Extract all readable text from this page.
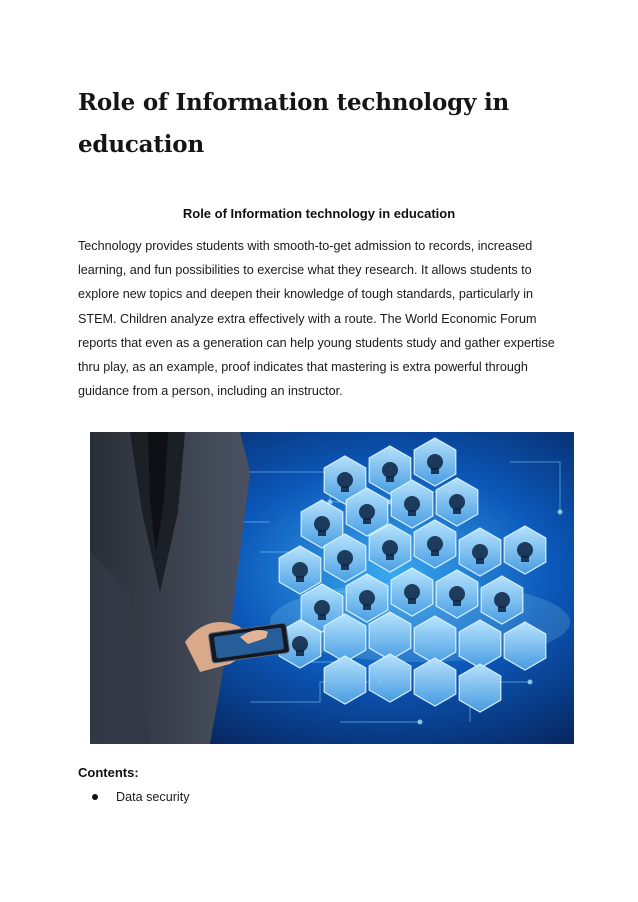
Role of Information technology in education

Role of Information technology in education

Technology provides students with smooth-to-get admission to records, increased learning, and fun possibilities to exercise what they research. It allows students to explore new topics and deepen their knowledge of tough standards, particularly in STEM. Children analyze extra effectively with a route. The World Economic Forum reports that even as a generation can help young students study and gather expertise thru play, as an example, proof indicates that mastering is extra powerful through guidance from a person, including an instructor.

Contents:

Data security
